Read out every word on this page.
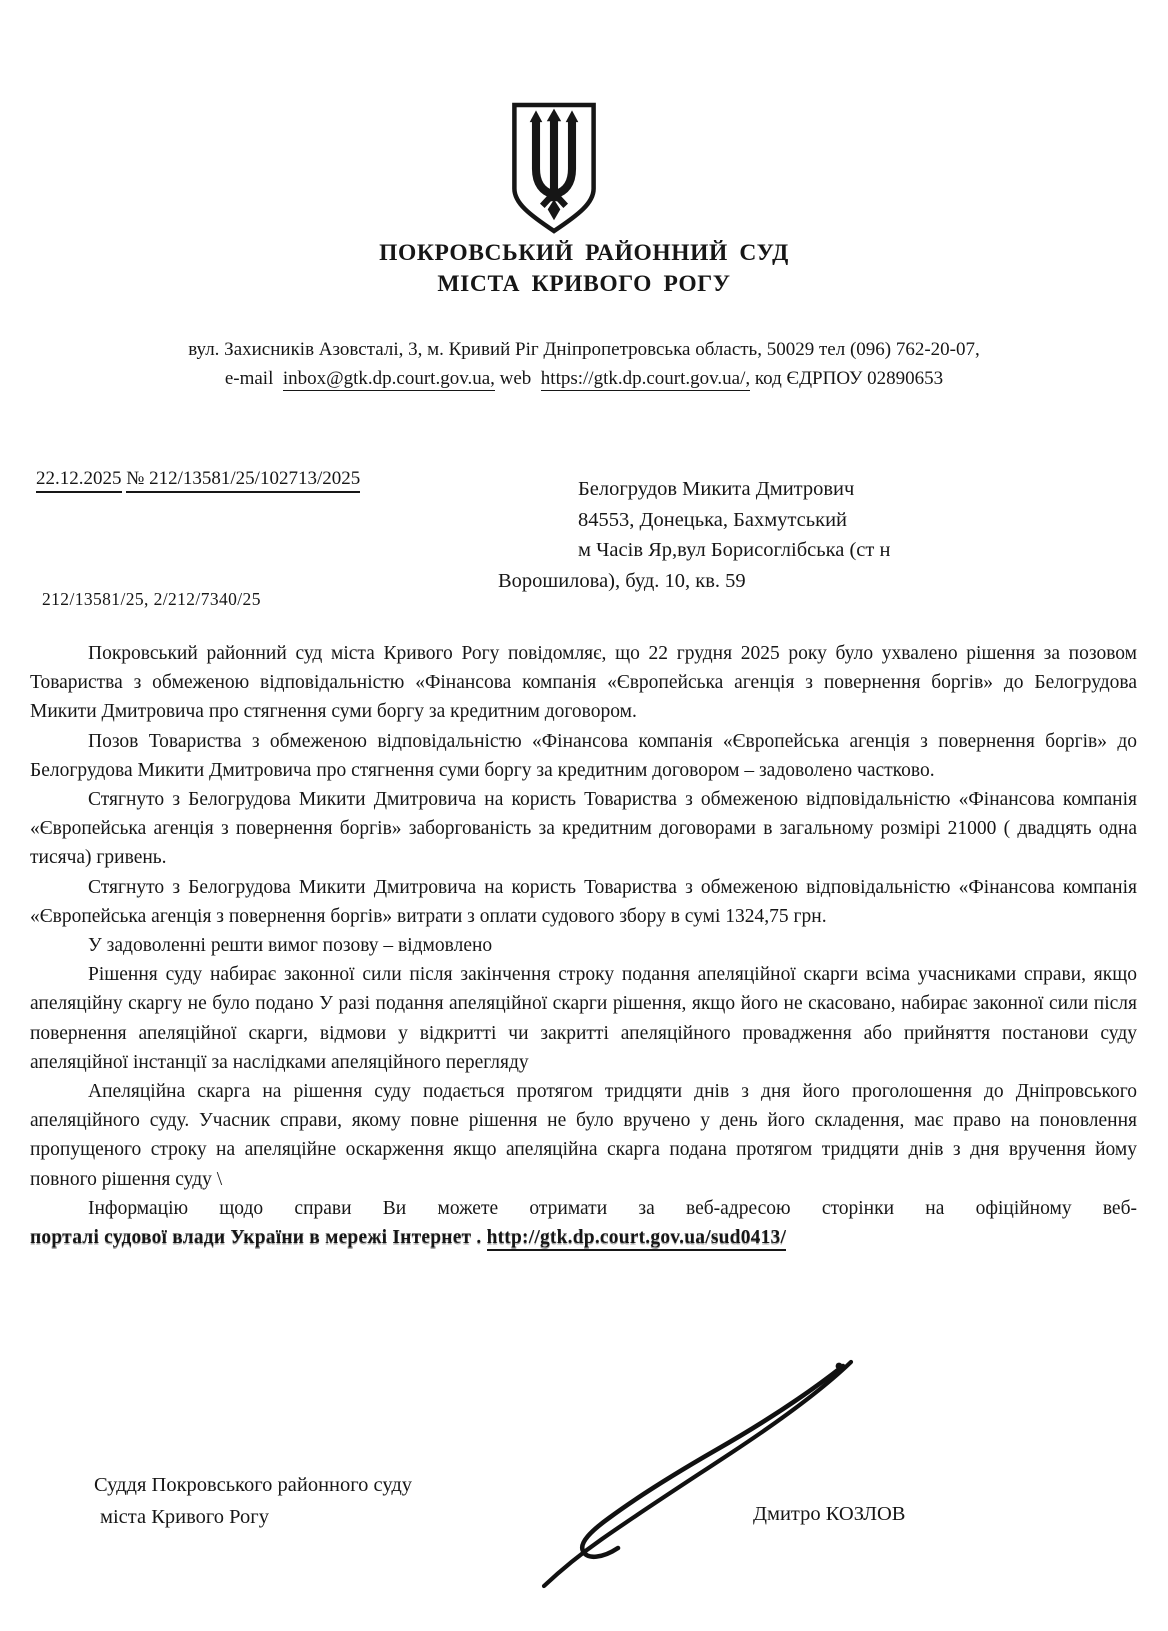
ПОКРОВСЬКИЙ РАЙОННИЙ СУД
МІСТА КРИВОГО РОГУ
вул. Захисників Азовсталі, 3, м. Кривий Ріг Дніпропетровська область, 50029 тел (096) 762-20-07,
e-mail  inbox@gtk.dp.court.gov.ua, web  https://gtk.dp.court.gov.ua/, код ЄДРПОУ 02890653
22.12.2025 № 212/13581/25/102713/2025	Белогрудов Микита Дмитрович
84553, Донецька, Бахмутський
м Часів Яр,вул Борисоглібська (ст н
Ворошилова), буд. 10, кв. 59
212/13581/25, 2/212/7340/25

Покровський районний суд міста Кривого Рогу повідомляє, що 22 грудня 2025 року було ухвалено рішення за позовом Товариства з обмеженою відповідальністю «Фінансова компанія «Європейська агенція з повернення боргів» до Белогрудова Микити Дмитровича про стягнення суми боргу за кредитним договором.

Позов Товариства з обмеженою відповідальністю «Фінансова компанія «Європейська агенція з повернення боргів» до Белогрудова Микити Дмитровича про стягнення суми боргу за кредитним договором – задоволено частково.

Стягнуто з Белогрудова Микити Дмитровича на користь Товариства з обмеженою відповідальністю «Фінансова компанія «Європейська агенція з повернення боргів» заборгованість за кредитним договорами в загальному розмірі 21000 ( двадцять одна тисяча) гривень.

Стягнуто з Белогрудова Микити Дмитровича на користь Товариства з обмеженою відповідальністю «Фінансова компанія «Європейська агенція з повернення боргів» витрати з оплати судового збору в сумі 1324,75 грн.

У задоволенні решти вимог позову – відмовлено

Рішення суду набирає законної сили після закінчення строку подання апеляційної скарги всіма учасниками справи, якщо апеляційну скаргу не було подано У разі подання апеляційної скарги рішення, якщо його не скасовано, набирає законної сили після повернення апеляційної скарги, відмови у відкритті чи закритті апеляційного провадження або прийняття постанови суду апеляційної інстанції за наслідками апеляційного перегляду

Апеляційна скарга на рішення суду подається протягом тридцяти днів з дня його проголошення до Дніпровського апеляційного суду. Учасник справи, якому повне рішення не було вручено у день його складення, має право на поновлення пропущеного строку на апеляційне оскарження якщо апеляційна скарга подана протягом тридцяти днів з дня вручення йому повного рішення суду \

Інформацію щодо справи Ви можете отримати за веб-адресою сторінки на офіційному веб-
порталі судової влади України в мережі Інтернет . http://gtk.dp.court.gov.ua/sud0413/
Суддя Покровського районного суду
міста Кривого Рогу	Дмитро КОЗЛОВ
